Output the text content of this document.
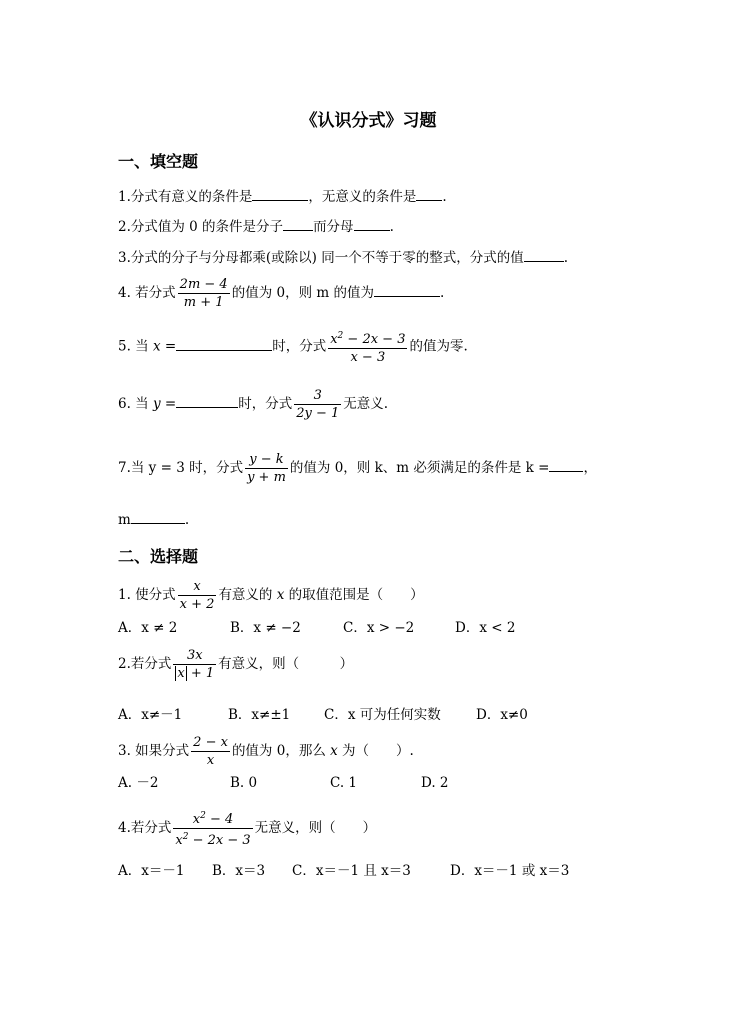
《认识分式》习题
一、填空题
1.分式有意义的条件是	，无意义的条件是 .
2.分式值为 0 的条件是分子 而分母	.
3.分式的分子与分母都乘(或除以) 同一个不等于零的整式，分式的值	.
4. 若分式 $\frac{2m - 4}{m + 1}$ 的值为 0，则 m 的值为	.
5. 当 x =	时，分式 $\frac{x^2 - 2x - 3}{x - 3}$ 的值为零.
6. 当 y =	时，分式 $\frac{3}{2y - 1}$ 无意义.
7.当 y = 3 时，分式 $\frac{y - k}{y + m}$ 的值为 0，则 k、m 必须满足的条件是 k =	，
m	.
二、选择题
1. 使分式 $\frac{x}{x + 2}$ 有意义的 x 的取值范围是（　　）
A．x ≠ 2	B．x ≠ −2	C．x > −2	D．x < 2
2.若分式 $\frac{3x}{x + 1}$ 有意义，则（　　　）
A．x≠－1	B．x≠±1	C．x 可为任何实数	D．x≠0
3. 如果分式 $\frac{2 - x}{x}$ 的值为 0，那么 x 为（　　）.
A. －2	B. 0	C. 1	D. 2
4.若分式 $\frac{x^2 - 4}{x^2 - 2x - 3}$ 无意义，则（　　）
A．x＝－1 B．x＝3 C．x＝－1 且 x＝3	D．x＝－1 或 x＝3
